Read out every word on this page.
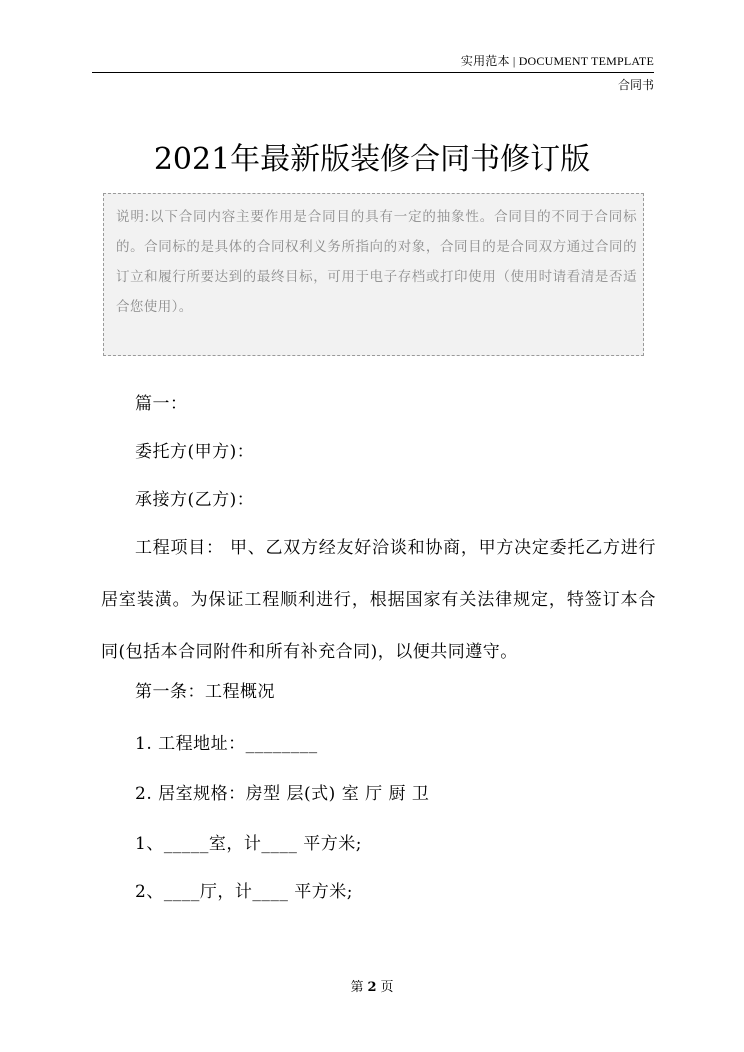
实用范本 | DOCUMENT TEMPLATE
合同书
2021年最新版装修合同书修订版
说明:以下合同内容主要作用是合同目的具有一定的抽象性。合同目的不同于合同标的。合同标的是具体的合同权利义务所指向的对象，合同目的是合同双方通过合同的订立和履行所要达到的最终目标，可用于电子存档或打印使用（使用时请看清是否适合您使用）。
篇一：
委托方(甲方)：
承接方(乙方)：
工程项目： 甲、乙双方经友好洽谈和协商，甲方决定委托乙方进行居室装潢。为保证工程顺利进行，根据国家有关法律规定，特签订本合同(包括本合同附件和所有补充合同)，以便共同遵守。
第一条：工程概况
1. 工程地址：________
2. 居室规格：房型 层(式) 室 厅 厨 卫
1、_____室，计____ 平方米;
2、____厅，计____ 平方米;
第 2 页
